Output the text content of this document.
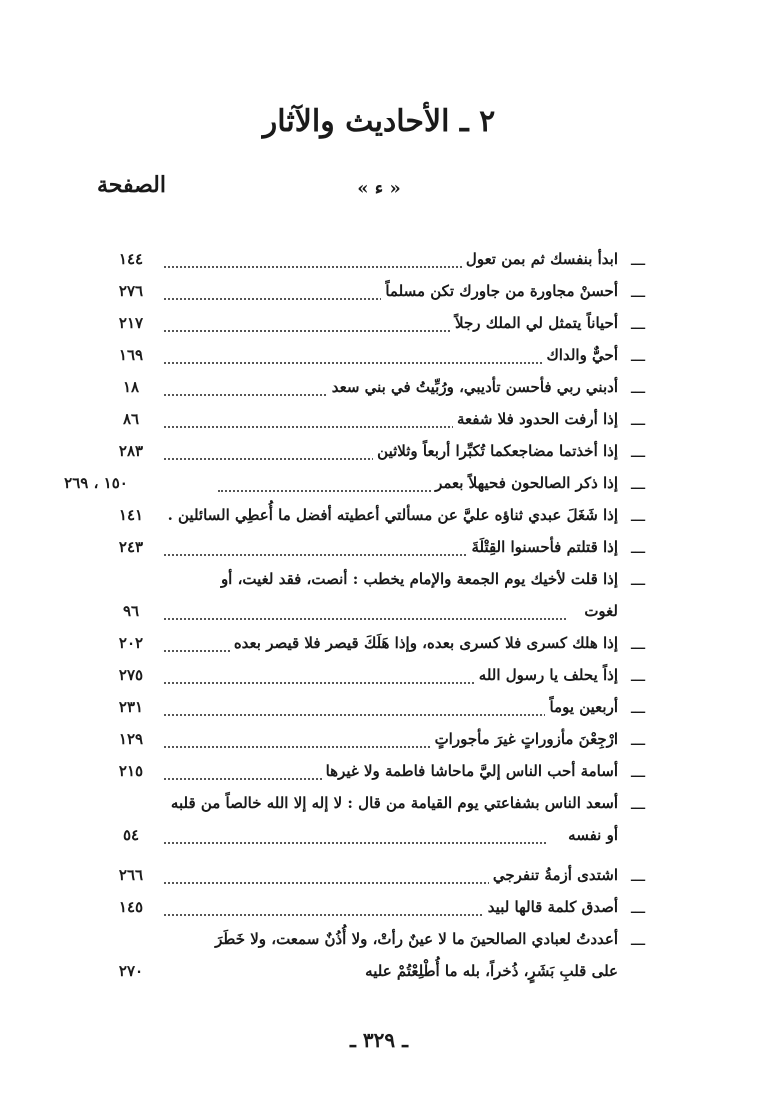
٢ ـ الأحاديث والآثار
الصفحة	« ء »
ـــ
ابدأ بنفسك ثم بمن تعول
١٤٤
ـــ
أحسنْ مجاورة من جاورك تكن مسلماً
٢٧٦
ـــ
أحياناً يتمثل لي الملك رجلاً
٢١٧
ـــ
أحيٌّ والداك
١٦٩
ـــ
أدبني ربي فأحسن تأديبي، ورُبِّيتُ في بني سعد
١٨
ـــ
إذا أرفت الحدود فلا شفعة
٨٦
ـــ
إذا أخذتما مضاجعكما تُكبِّرا أربعاً وثلاثين
٢٨٣
ـــ
إذا ذكر الصالحون فحيهلاً بعمر
١٥٠ ، ٢٦٩
ـــ
إذا شَغَلَ عبدي ثناؤه عليَّ عن مسألتي أعطيته أفضل ما أُعطِي السائلين .
١٤١
ـــ
إذا قتلتم فأحسنوا القِتْلَةَ
٢٤٣
ـــ
إذا قلت لأخيك يوم الجمعة والإمام يخطب : أنصت، فقد لغيت، أو
لغوت
٩٦
ـــ
إذا هلك كسرى فلا كسرى بعده، وإذا هَلَكَ قيصر فلا قيصر بعده
٢٠٢
ـــ
إذاً يحلف يا رسول الله
٢٧٥
ـــ
أربعين يوماً
٢٣١
ـــ
ارْجِعْنَ مأزوراتٍ غيرَ مأجوراتٍ
١٢٩
ـــ
أسامة أحب الناس إليَّ ماحاشا فاطمة ولا غيرها
٢١٥
ـــ
أسعد الناس بشفاعتي يوم القيامة من قال : لا إله إلا الله خالصاً من قلبه
أو نفسه
٥٤
ـــ
اشتدى أزمةُ تنفرجي
٢٦٦
ـــ
أصدق كلمة قالها لبيد
١٤٥
ـــ
أعددتُ لعبادي الصالحينَ ما لا عينٌ رأتْ، ولا أُذُنٌ سمعت، ولا خَطَرَ
على قلبِ بَشَرٍ، ذُخراً، بله ما أُطْلِعْتُمْ عليه
٢٧٠
ـ ٣٢٩ ـ
